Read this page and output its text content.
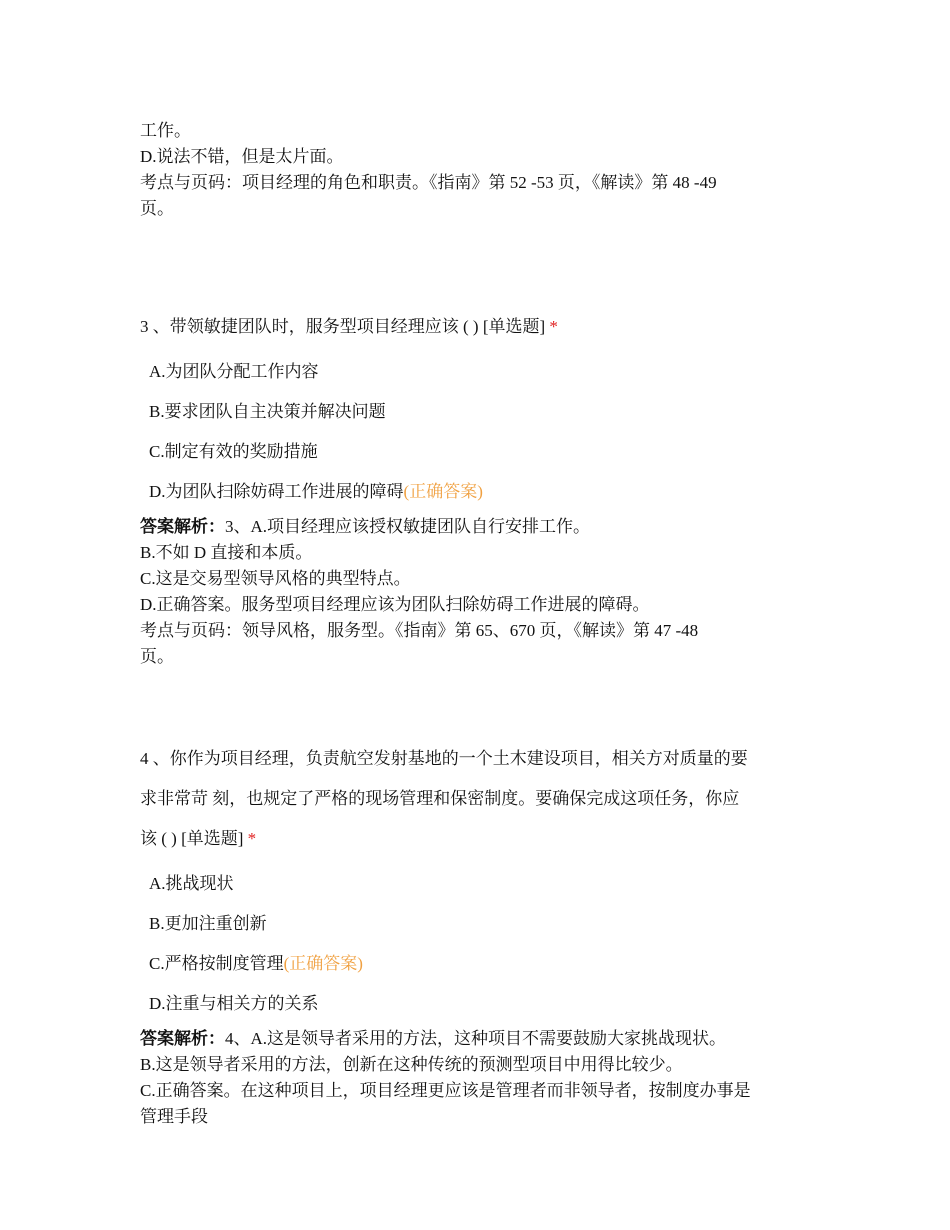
工作。
D.说法不错，但是太片面。
考点与页码：项目经理的角色和职责。《指南》第 52 -53 页，《解读》第 48 -49
页。
3 、带领敏捷团队时，服务型项目经理应该 ( ) [单选题] *
A.为团队分配工作内容
B.要求团队自主决策并解决问题
C.制定有效的奖励措施
D.为团队扫除妨碍工作进展的障碍(正确答案)
答案解析：3、A.项目经理应该授权敏捷团队自行安排工作。
B.不如 D 直接和本质。
C.这是交易型领导风格的典型特点。
D.正确答案。服务型项目经理应该为团队扫除妨碍工作进展的障碍。
考点与页码：领导风格，服务型。《指南》第 65、670 页，《解读》第 47 -48
页。
4 、你作为项目经理，负责航空发射基地的一个土木建设项目，相关方对质量的要
求非常苛 刻，也规定了严格的现场管理和保密制度。要确保完成这项任务，你应
该 ( ) [单选题] *
A.挑战现状
B.更加注重创新
C.严格按制度管理(正确答案)
D.注重与相关方的关系
答案解析：4、A.这是领导者采用的方法，这种项目不需要鼓励大家挑战现状。
B.这是领导者采用的方法，创新在这种传统的预测型项目中用得比较少。
C.正确答案。在这种项目上，项目经理更应该是管理者而非领导者，按制度办事是
管理手段
